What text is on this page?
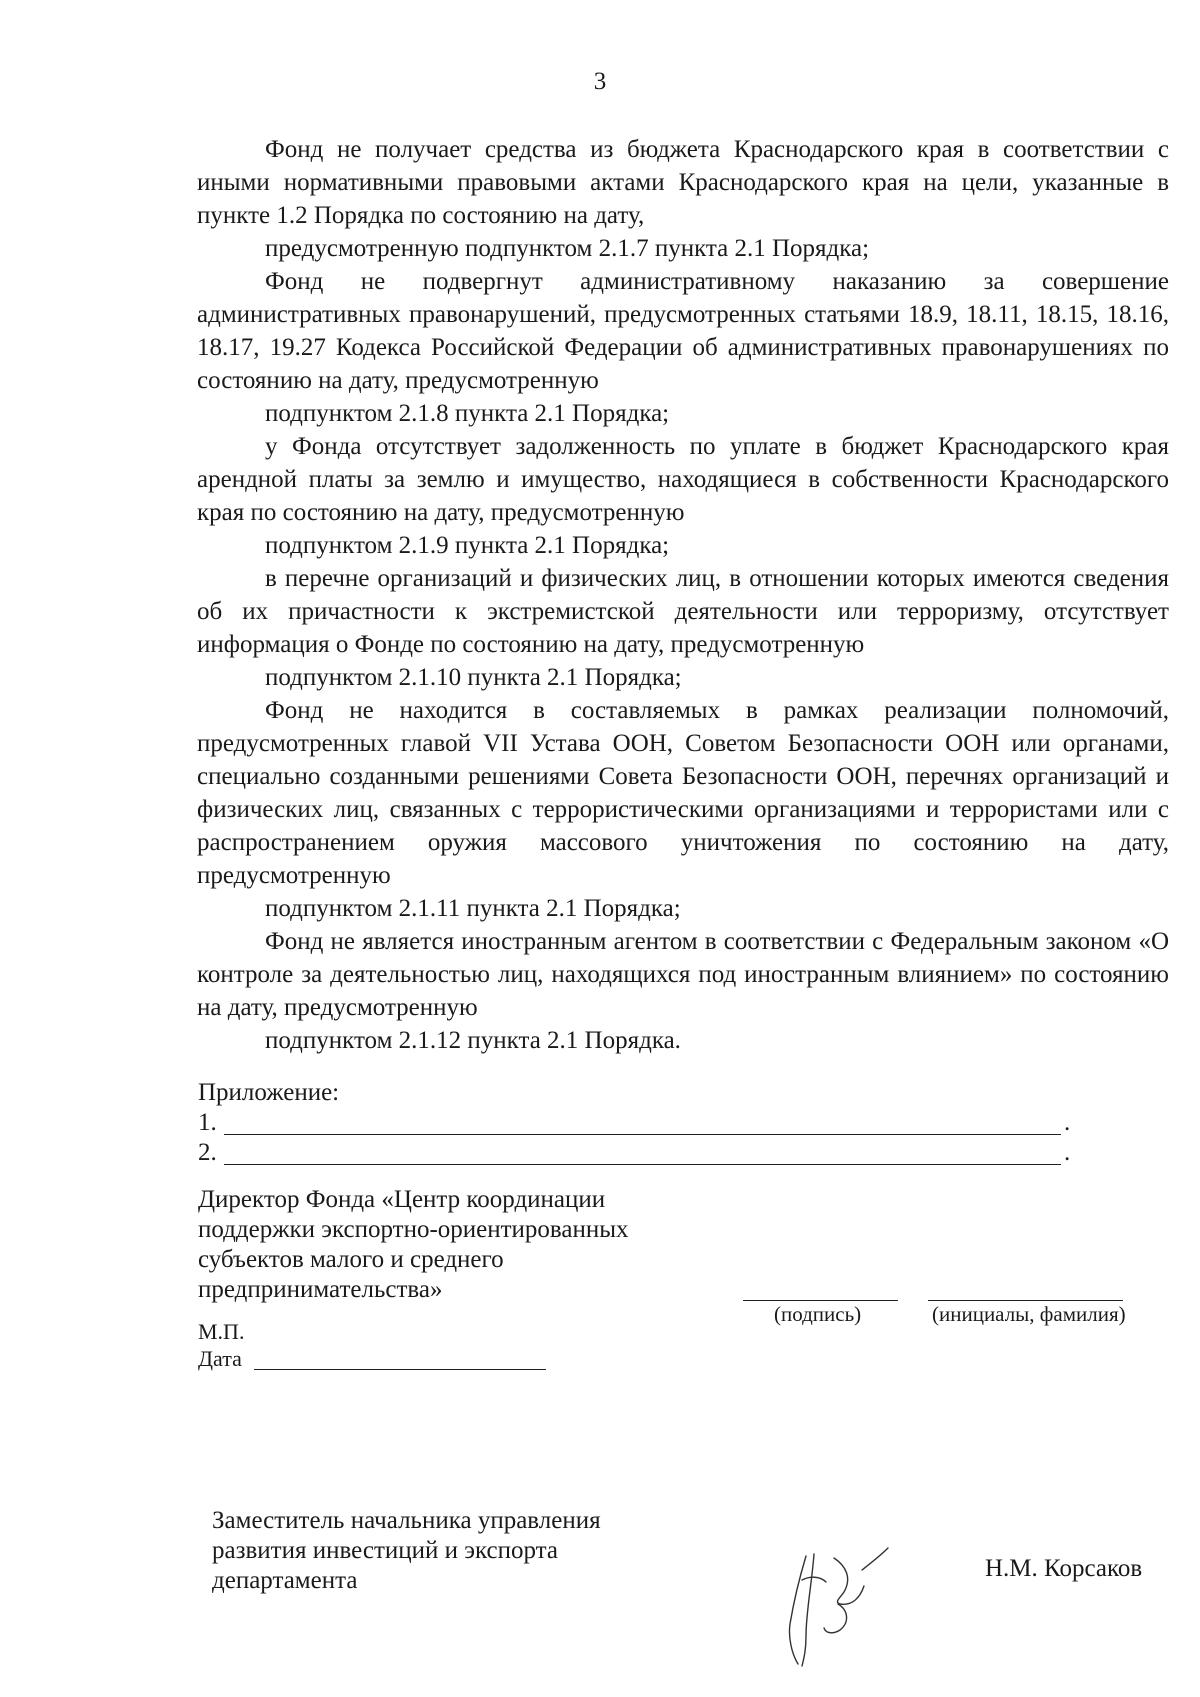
3

Фонд не получает средства из бюджета Краснодарского края в соответствии с иными нормативными правовыми актами Краснодарского края на цели, указанные в пункте 1.2 Порядка по состоянию на дату,
предусмотренную подпунктом 2.1.7 пункта 2.1 Порядка;

Фонд не подвергнут административному наказанию за совершение административных правонарушений, предусмотренных статьями 18.9, 18.11, 18.15, 18.16, 18.17, 19.27 Кодекса Российской Федерации об административных правонарушениях по состоянию на дату, предусмотренную
подпунктом 2.1.8 пункта 2.1 Порядка;

у Фонда отсутствует задолженность по уплате в бюджет Краснодарского края арендной платы за землю и имущество, находящиеся в собственности Краснодарского края по состоянию на дату, предусмотренную
подпунктом 2.1.9 пункта 2.1 Порядка;

в перечне организаций и физических лиц, в отношении которых имеются сведения об их причастности к экстремистской деятельности или терроризму, отсутствует информация о Фонде по состоянию на дату, предусмотренную
подпунктом 2.1.10 пункта 2.1 Порядка;

Фонд не находится в составляемых в рамках реализации полномочий, предусмотренных главой VII Устава ООН, Советом Безопасности ООН или органами, специально созданными решениями Совета Безопасности ООН, перечнях организаций и физических лиц, связанных с террористическими организациями и террористами или с распространением оружия массового уничтожения по состоянию на дату, предусмотренную
подпунктом 2.1.11 пункта 2.1 Порядка;

Фонд не является иностранным агентом в соответствии с Федеральным законом «О контроле за деятельностью лиц, находящихся под иностранным влиянием» по состоянию на дату, предусмотренную
подпунктом 2.1.12 пункта 2.1 Порядка.

Приложение:
1.	.
2.	.
Директор Фонда «Центр координации
поддержки экспортно-ориентированных
субъектов малого и среднего
предпринимательства»
(подпись)	(инициалы, фамилия)
М.П.
Дата
Заместитель начальника управления
развития инвестиций и экспорта
департамента	Н.М. Корсаков
